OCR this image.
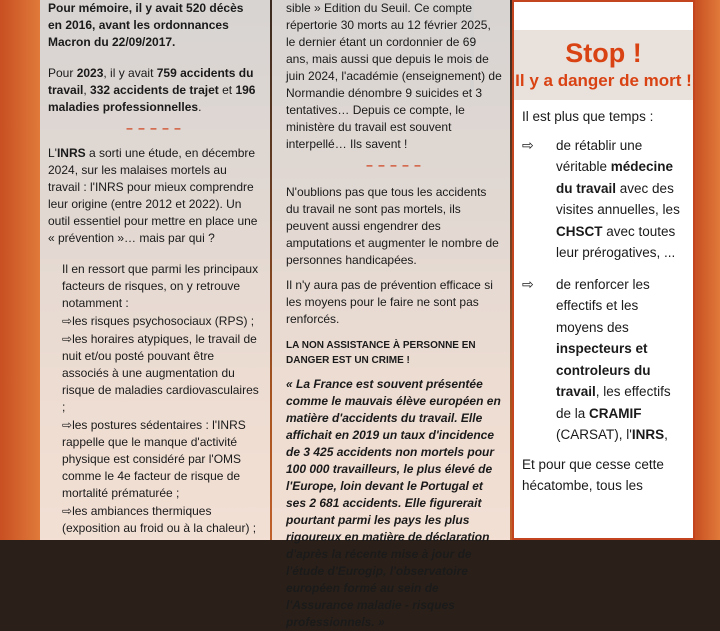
Pour mémoire, il y avait 520 décès en 2016, avant les ordonnances Macron du 22/09/2017.

Pour 2023, il y avait 759 accidents du travail, 332 accidents de trajet et 196 maladies professionnelles.

– – – – –

L'INRS a sorti une étude, en décembre 2024, sur les malaises mortels au travail : l'INRS pour mieux comprendre leur origine (entre 2012 et 2022). Un outil essentiel pour mettre en place une « prévention »… mais par qui ?

Il en ressort que parmi les principaux facteurs de risques, on y retrouve notamment :

⇨les risques psychosociaux (RPS) ;

⇨les horaires atypiques, le travail de nuit et/ou posté pouvant être associés à une augmentation du risque de maladies cardiovasculaires ;

⇨les postures sédentaires : l'INRS rappelle que le manque d'activité physique est considéré par l'OMS comme le 4e facteur de risque de mortalité prématurée ;

⇨les ambiances thermiques (exposition au froid ou à la chaleur) ;

sible » Edition du Seuil. Ce compte répertorie 30 morts au 12 février 2025, le dernier étant un cordonnier de 69 ans, mais aussi que depuis le mois de juin 2024, l'académie (enseignement) de Normandie dénombre 9 suicides et 3 tentatives… Depuis ce compte, le ministère du travail est souvent interpellé… Ils savent !

– – – – –

N'oublions pas que tous les accidents du travail ne sont pas mortels, ils peuvent aussi engendrer des amputations et augmenter le nombre de personnes handicapées.

Il n'y aura pas de prévention efficace si les moyens pour le faire ne sont pas renforcés.

LA NON ASSISTANCE À PERSONNE EN DANGER EST UN CRIME !

« La France est souvent présentée comme le mauvais élève européen en matière d'accidents du travail. Elle affichait en 2019 un taux d'incidence de 3 425 accidents non mortels pour 100 000 travailleurs, le plus élevé de l'Europe, loin devant le Portugal et ses 2 681 accidents. Elle figurerait pourtant parmi les pays les plus rigoureux en matière de déclaration d'après la récente mise à jour de l'étude d'Eurogip, l'observatoire européen formé au sein de l'Assurance maladie - risques professionnels. »

Stop !
Il y a danger de mort !

Il est plus que temps :

⇨	de rétablir une véritable médecine du travail avec des visites annuelles, les CHSCT avec toutes leur prérogatives, ...

⇨	de renforcer les effectifs et les moyens des inspecteurs et controleurs du travail, les effectifs de la CRAMIF (CARSAT), l'INRS,

Et pour que cesse cette hécatombe, tous les
